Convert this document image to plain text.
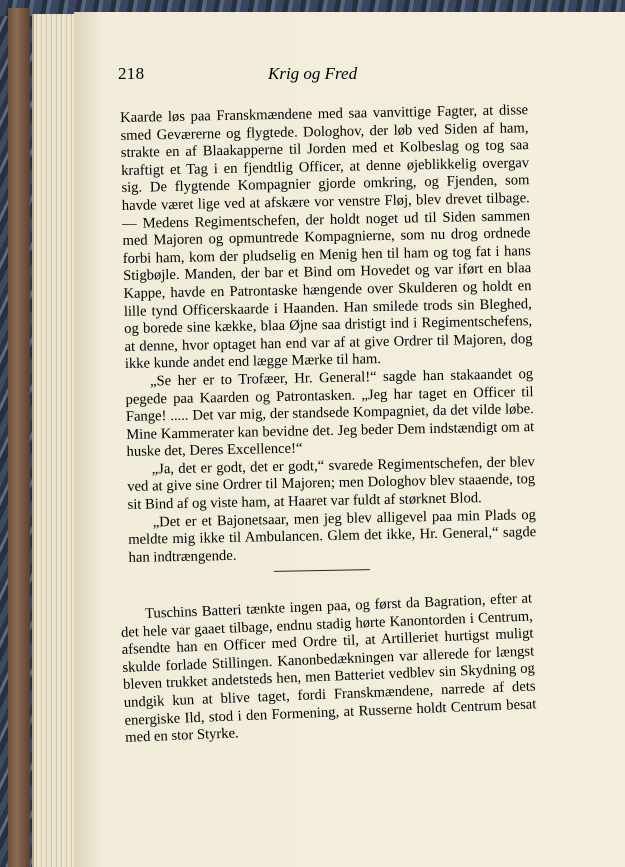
218	Krig og Fred

Kaarde løs paa Franskmændene med saa vanvittige Fagter, at disse smed Geværerne og flygtede. Dologhov, der løb ved Siden af ham, strakte en af Blaakapperne til Jorden med et Kolbeslag og tog saa kraftigt et Tag i en fjendtlig Officer, at denne øjeblikkelig overgav sig. De flygtende Kompagnier gjorde omkring, og Fjenden, som havde været lige ved at afskære vor venstre Fløj, blev drevet tilbage. — Medens Regimentschefen, der holdt noget ud til Siden sammen med Majoren og opmuntrede Kompagnierne, som nu drog ordnede forbi ham, kom der pludselig en Menig hen til ham og tog fat i hans Stigbøjle. Manden, der bar et Bind om Hovedet og var iført en blaa Kappe, havde en Patrontaske hængende over Skulderen og holdt en lille tynd Officerskaarde i Haanden. Han smilede trods sin Bleghed, og borede sine kække, blaa Øjne saa dristigt ind i Regimentschefens, at denne, hvor optaget han end var af at give Ordrer til Majoren, dog ikke kunde andet end lægge Mærke til ham.

„Se her er to Trofæer, Hr. General!“ sagde han stakaandet og pegede paa Kaarden og Patrontasken. „Jeg har taget en Officer til Fange! ..... Det var mig, der standsede Kompagniet, da det vilde løbe. Mine Kammerater kan bevidne det. Jeg beder Dem indstændigt om at huske det, Deres Excellence!“

„Ja, det er godt, det er godt,“ svarede Regimentschefen, der blev ved at give sine Ordrer til Majoren; men Dologhov blev staaende, tog sit Bind af og viste ham, at Haaret var fuldt af størknet Blod.

„Det er et Bajonetsaar, men jeg blev alligevel paa min Plads og meldte mig ikke til Ambulancen. Glem det ikke, Hr. General,“ sagde han indtrængende.

Tuschins Batteri tænkte ingen paa, og først da Bagration, efter at det hele var gaaet tilbage, endnu stadig hørte Kanontorden i Centrum, afsendte han en Officer med Ordre til, at Artilleriet hurtigst muligt skulde forlade Stillingen. Kanonbedækningen var allerede for længst bleven trukket andetsteds hen, men Batteriet vedblev sin Skydning og undgik kun at blive taget, fordi Franskmændene, narrede af dets energiske Ild, stod i den Formening, at Russerne holdt Centrum besat med en stor Styrke.
